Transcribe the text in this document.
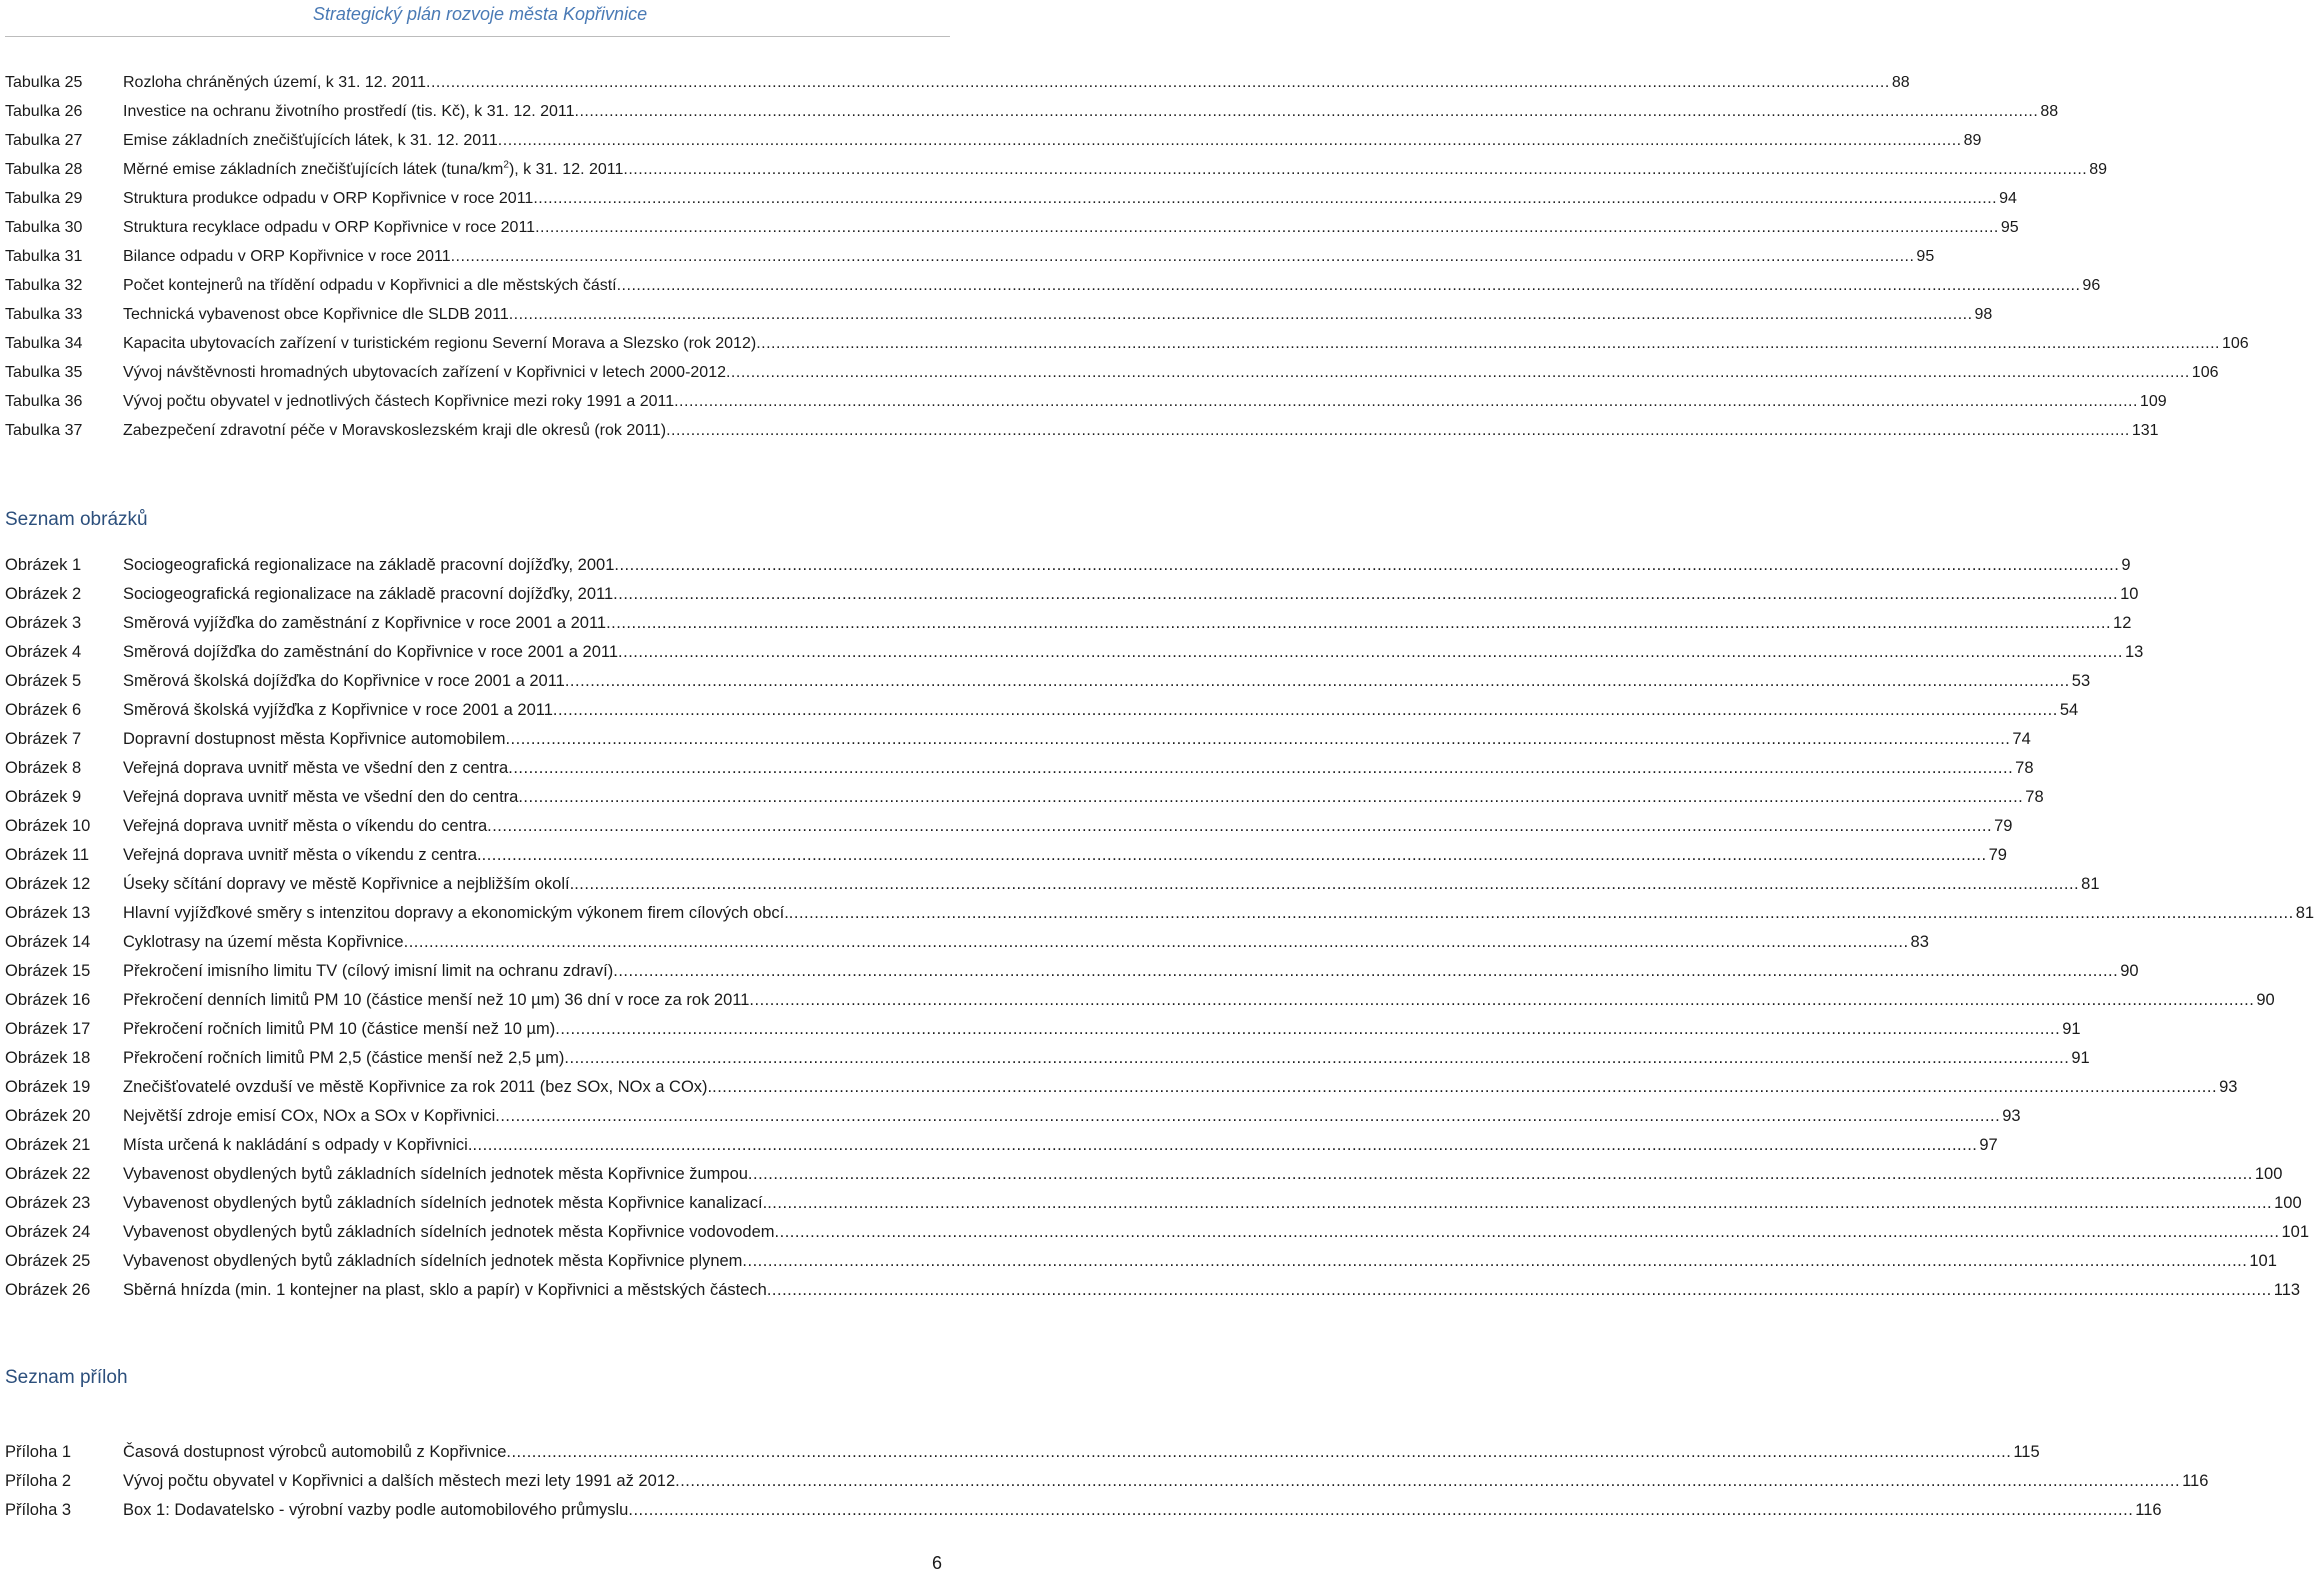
Strategický plán rozvoje města Kopřivnice
Tabulka 25	Rozloha chráněných území, k 31. 12. 2011 .....	88
Tabulka 26	Investice na ochranu životního prostředí (tis. Kč), k 31. 12. 2011 .....	88
Tabulka 27	Emise základních znečišťujících látek, k 31. 12. 2011 .....	89
Tabulka 28	Měrné emise základních znečišťujících látek $(tuna/km^2)$, k 31. 12. 2011 .....	89
Tabulka 29	Struktura produkce odpadu v ORP Kopřivnice v roce 2011 .....	94
Tabulka 30	Struktura recyklace odpadu v ORP Kopřivnice v roce 2011 .....	95
Tabulka 31	Bilance odpadu v ORP Kopřivnice v roce 2011 .....	95
Tabulka 32	Počet kontejnerů na třídění odpadu v Kopřivnici a dle městských částí .....	96
Tabulka 33	Technická vybavenost obce Kopřivnice dle SLDB 2011 .....	98
Tabulka 34	Kapacita ubytovacích zařízení v turistickém regionu Severní Morava a Slezsko (rok 2012) .....	106
Tabulka 35	Vývoj návštěvnosti hromadných ubytovacích zařízení v Kopřivnici v letech 2000-2012 .....	106
Tabulka 36	Vývoj počtu obyvatel v jednotlivých částech Kopřivnice mezi roky 1991 a 2011 .....	109
Tabulka 37	Zabezpečení zdravotní péče v Moravskoslezském kraji dle okresů (rok 2011) .....	131
Seznam obrázků
Obrázek 1	Sociogeografická regionalizace na základě pracovní dojížďky, 2001 .....	9
Obrázek 2	Sociogeografická regionalizace na základě pracovní dojížďky, 2011 .....	10
Obrázek 3	Směrová vyjížďka do zaměstnání z Kopřivnice v roce 2001 a 2011 .....	12
Obrázek 4	Směrová dojížďka do zaměstnání do Kopřivnice v roce 2001 a 2011 .....	13
Obrázek 5	Směrová školská dojížďka do Kopřivnice v roce 2001 a 2011 .....	53
Obrázek 6	Směrová školská vyjížďka z Kopřivnice v roce 2001 a 2011 .....	54
Obrázek 7	Dopravní dostupnost města Kopřivnice automobilem .....	74
Obrázek 8	Veřejná doprava uvnitř města ve všední den z centra .....	78
Obrázek 9	Veřejná doprava uvnitř města ve všední den do centra .....	78
Obrázek 10	Veřejná doprava uvnitř města o víkendu do centra .....	79
Obrázek 11	Veřejná doprava uvnitř města o víkendu z centra. .....	79
Obrázek 12	Úseky sčítání dopravy ve městě Kopřivnice a nejbližším okolí. .....	81
Obrázek 13	Hlavní vyjížďkové směry s intenzitou dopravy a ekonomickým výkonem firem cílových obcí. .....	81
Obrázek 14	Cyklotrasy na území města Kopřivnice .....	83
Obrázek 15	Překročení imisního limitu TV (cílový imisní limit na ochranu zdraví) .....	90
Obrázek 16	Překročení denních limitů PM 10 (částice menší než 10 µm) 36 dní v roce za rok 2011 .....	90
Obrázek 17	Překročení ročních limitů PM 10 (částice menší než 10 µm) .....	91
Obrázek 18	Překročení ročních limitů PM 2,5 (částice menší než 2,5 µm) .....	91
Obrázek 19	Znečišťovatelé ovzduší ve městě Kopřivnice za rok 2011 (bez SOx, NOx a COx). .....	93
Obrázek 20	Největší zdroje emisí COx, NOx a SOx v Kopřivnici .....	93
Obrázek 21	Místa určená k nakládání s odpady v Kopřivnici. .....	97
Obrázek 22	Vybavenost obydlených bytů základních sídelních jednotek města Kopřivnice žumpou .....	100
Obrázek 23	Vybavenost obydlených bytů základních sídelních jednotek města Kopřivnice kanalizací. .....	100
Obrázek 24	Vybavenost obydlených bytů základních sídelních jednotek města Kopřivnice vodovodem .....	101
Obrázek 25	Vybavenost obydlených bytů základních sídelních jednotek města Kopřivnice plynem .....	101
Obrázek 26	Sběrná hnízda (min. 1 kontejner na plast, sklo a papír) v Kopřivnici a městských částech .....	113
Seznam příloh
Příloha 1	Časová dostupnost výrobců automobilů z Kopřivnice .....	115
Příloha 2	Vývoj počtu obyvatel v Kopřivnici a dalších městech mezi lety 1991 až 2012 .....	116
Příloha 3	Box 1: Dodavatelsko - výrobní vazby podle automobilového průmyslu .....	116
6
